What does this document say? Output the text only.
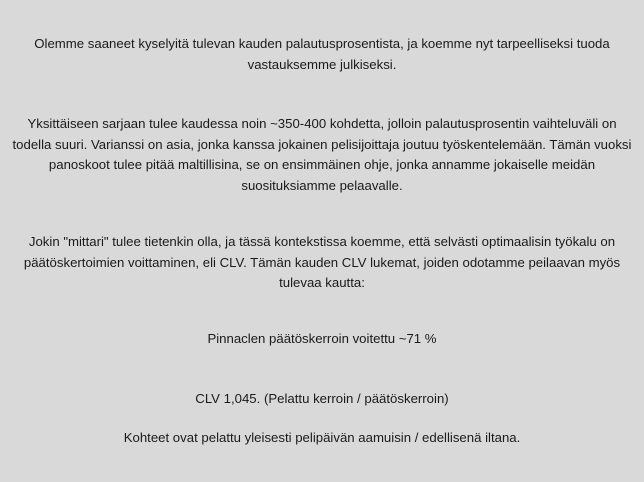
Olemme saaneet kyselyitä tulevan kauden palautusprosentista, ja koemme nyt tarpeelliseksi tuoda vastauksemme julkiseksi.

Yksittäiseen sarjaan tulee kaudessa noin ~350-400 kohdetta, jolloin palautusprosentin vaihteluväli on todella suuri. Varianssi on asia, jonka kanssa jokainen pelisijoittaja joutuu työskentelemään. Tämän vuoksi panoskoot tulee pitää maltillisina, se on ensimmäinen ohje, jonka annamme jokaiselle meidän suosituksiamme pelaavalle.

Jokin "mittari" tulee tietenkin olla, ja tässä kontekstissa koemme, että selvästi optimaalisin työkalu on päätöskertoimien voittaminen, eli CLV. Tämän kauden CLV lukemat, joiden odotamme peilaavan myös tulevaa kautta:

Pinnaclen päätöskerroin voitettu ~71 %

CLV 1,045. (Pelattu kerroin / päätöskerroin)

Kohteet ovat pelattu yleisesti pelipäivän aamuisin / edellisenä iltana.
